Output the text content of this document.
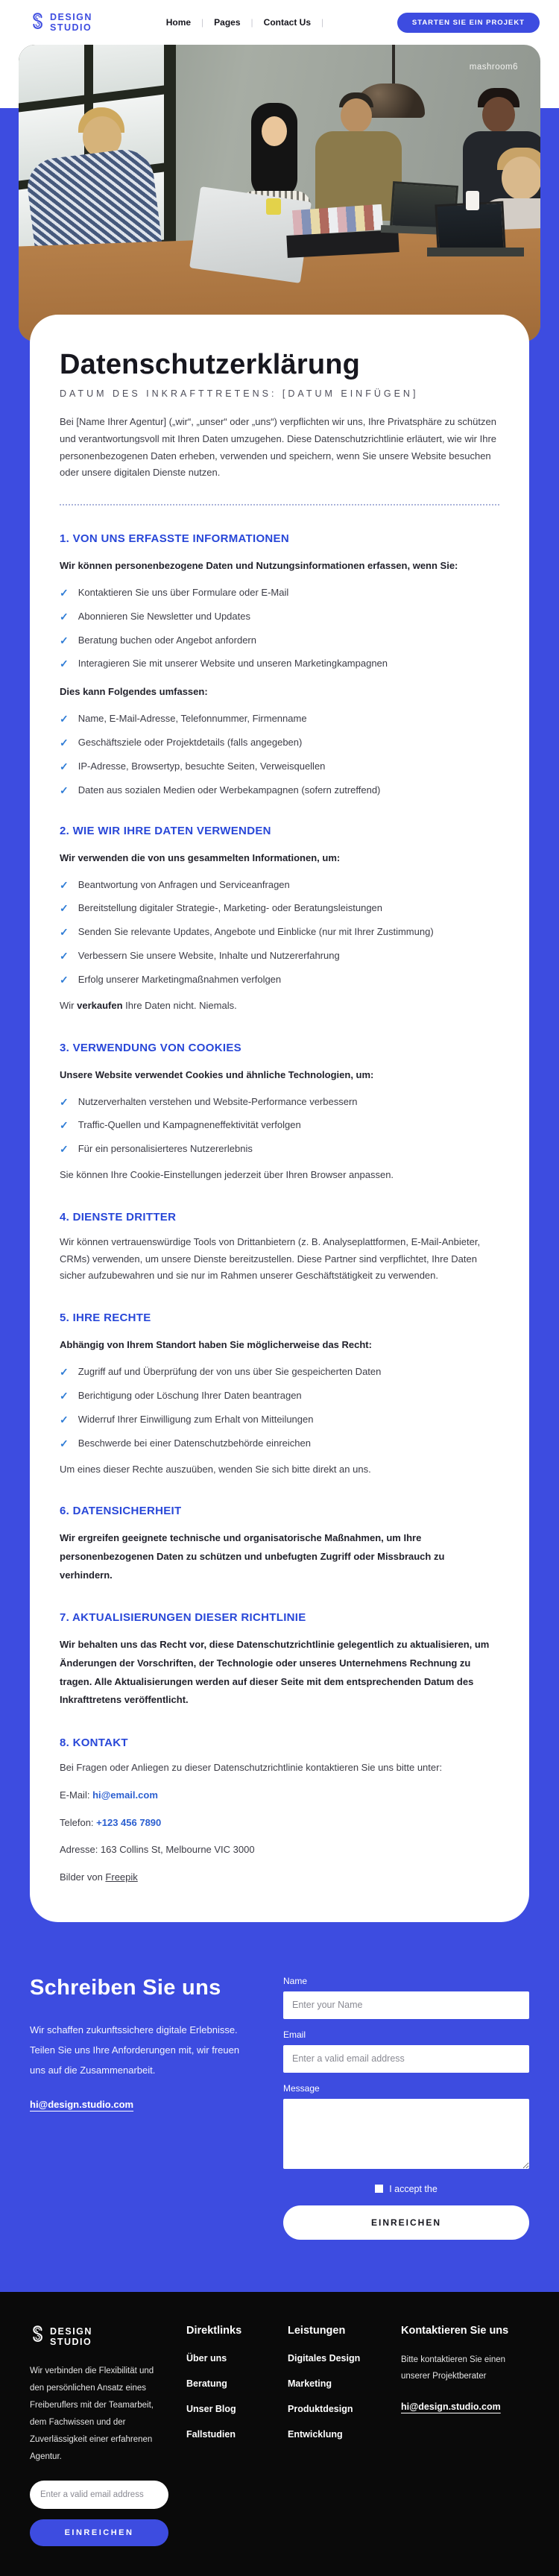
DESIGN
STUDIO	Home | Pages | Contact Us |	STARTEN SIE EIN PROJEKT
mashroom6
Datenschutzerklärung
DATUM DES INKRAFTTRETENS: [DATUM EINFÜGEN]

Bei [Name Ihrer Agentur] („wir“, „unser“ oder „uns“) verpflichten wir uns, Ihre Privatsphäre zu schützen und verantwortungsvoll mit Ihren Daten umzugehen. Diese Datenschutzrichtlinie erläutert, wie wir Ihre personenbezogenen Daten erheben, verwenden und speichern, wenn Sie unsere Website besuchen oder unsere digitalen Dienste nutzen.

1. VON UNS ERFASSTE INFORMATIONEN

Wir können personenbezogene Daten und Nutzungsinformationen erfassen, wenn Sie:

✓
Kontaktieren Sie uns über Formulare oder E-Mail
✓
Abonnieren Sie Newsletter und Updates
✓
Beratung buchen oder Angebot anfordern
✓
Interagieren Sie mit unserer Website und unseren Marketingkampagnen

Dies kann Folgendes umfassen:

✓
Name, E-Mail-Adresse, Telefonnummer, Firmenname
✓
Geschäftsziele oder Projektdetails (falls angegeben)
✓
IP-Adresse, Browsertyp, besuchte Seiten, Verweisquellen
✓
Daten aus sozialen Medien oder Werbekampagnen (sofern zutreffend)
2. WIE WIR IHRE DATEN VERWENDEN

Wir verwenden die von uns gesammelten Informationen, um:

✓
Beantwortung von Anfragen und Serviceanfragen
✓
Bereitstellung digitaler Strategie-, Marketing- oder Beratungsleistungen
✓
Senden Sie relevante Updates, Angebote und Einblicke (nur mit Ihrer Zustimmung)
✓
Verbessern Sie unsere Website, Inhalte und Nutzererfahrung
✓
Erfolg unserer Marketingmaßnahmen verfolgen

Wir verkaufen Ihre Daten nicht. Niemals.

3. VERWENDUNG VON COOKIES

Unsere Website verwendet Cookies und ähnliche Technologien, um:

✓
Nutzerverhalten verstehen und Website-Performance verbessern
✓
Traffic-Quellen und Kampagneneffektivität verfolgen
✓
Für ein personalisierteres Nutzererlebnis

Sie können Ihre Cookie-Einstellungen jederzeit über Ihren Browser anpassen.

4. DIENSTE DRITTER

Wir können vertrauenswürdige Tools von Drittanbietern (z. B. Analyseplattformen, E-Mail-Anbieter, CRMs) verwenden, um unsere Dienste bereitzustellen. Diese Partner sind verpflichtet, Ihre Daten sicher aufzubewahren und sie nur im Rahmen unserer Geschäftstätigkeit zu verwenden.

5. IHRE RECHTE

Abhängig von Ihrem Standort haben Sie möglicherweise das Recht:

✓
Zugriff auf und Überprüfung der von uns über Sie gespeicherten Daten
✓
Berichtigung oder Löschung Ihrer Daten beantragen
✓
Widerruf Ihrer Einwilligung zum Erhalt von Mitteilungen
✓
Beschwerde bei einer Datenschutzbehörde einreichen

Um eines dieser Rechte auszuüben, wenden Sie sich bitte direkt an uns.

6. DATENSICHERHEIT

Wir ergreifen geeignete technische und organisatorische Maßnahmen, um Ihre personenbezogenen Daten zu schützen und unbefugten Zugriff oder Missbrauch zu verhindern.

7. AKTUALISIERUNGEN DIESER RICHTLINIE

Wir behalten uns das Recht vor, diese Datenschutzrichtlinie gelegentlich zu aktualisieren, um Änderungen der Vorschriften, der Technologie oder unseres Unternehmens Rechnung zu tragen. Alle Aktualisierungen werden auf dieser Seite mit dem entsprechenden Datum des Inkrafttretens veröffentlicht.

8. KONTAKT

Bei Fragen oder Anliegen zu dieser Datenschutzrichtlinie kontaktieren Sie uns bitte unter:

E-Mail: hi@email.com

Telefon: +123 456 7890

Adresse: 163 Collins St, Melbourne VIC 3000

Bilder von Freepik

Schreiben Sie uns

Wir schaffen zukunftssichere digitale Erlebnisse. Teilen Sie uns Ihre Anforderungen mit, wir freuen uns auf die Zusammenarbeit.

hi@design.studio.com
Name
Enter your Name
Email
Enter a valid email address
Message
I accept the
EINREICHEN
DESIGN
STUDIO

Wir verbinden die Flexibilität und den persönlichen Ansatz eines Freiberuflers mit der Teamarbeit, dem Fachwissen und der Zuverlässigkeit einer erfahrenen Agentur.

Enter a valid email address EINREICHEN
Direktlinks
Über uns
Beratung
Unser Blog
Fallstudien
Leistungen
Digitales Design
Marketing
Produktdesign
Entwicklung
Kontaktieren Sie uns

Bitte kontaktieren Sie einen unserer Projektberater

hi@design.studio.com
